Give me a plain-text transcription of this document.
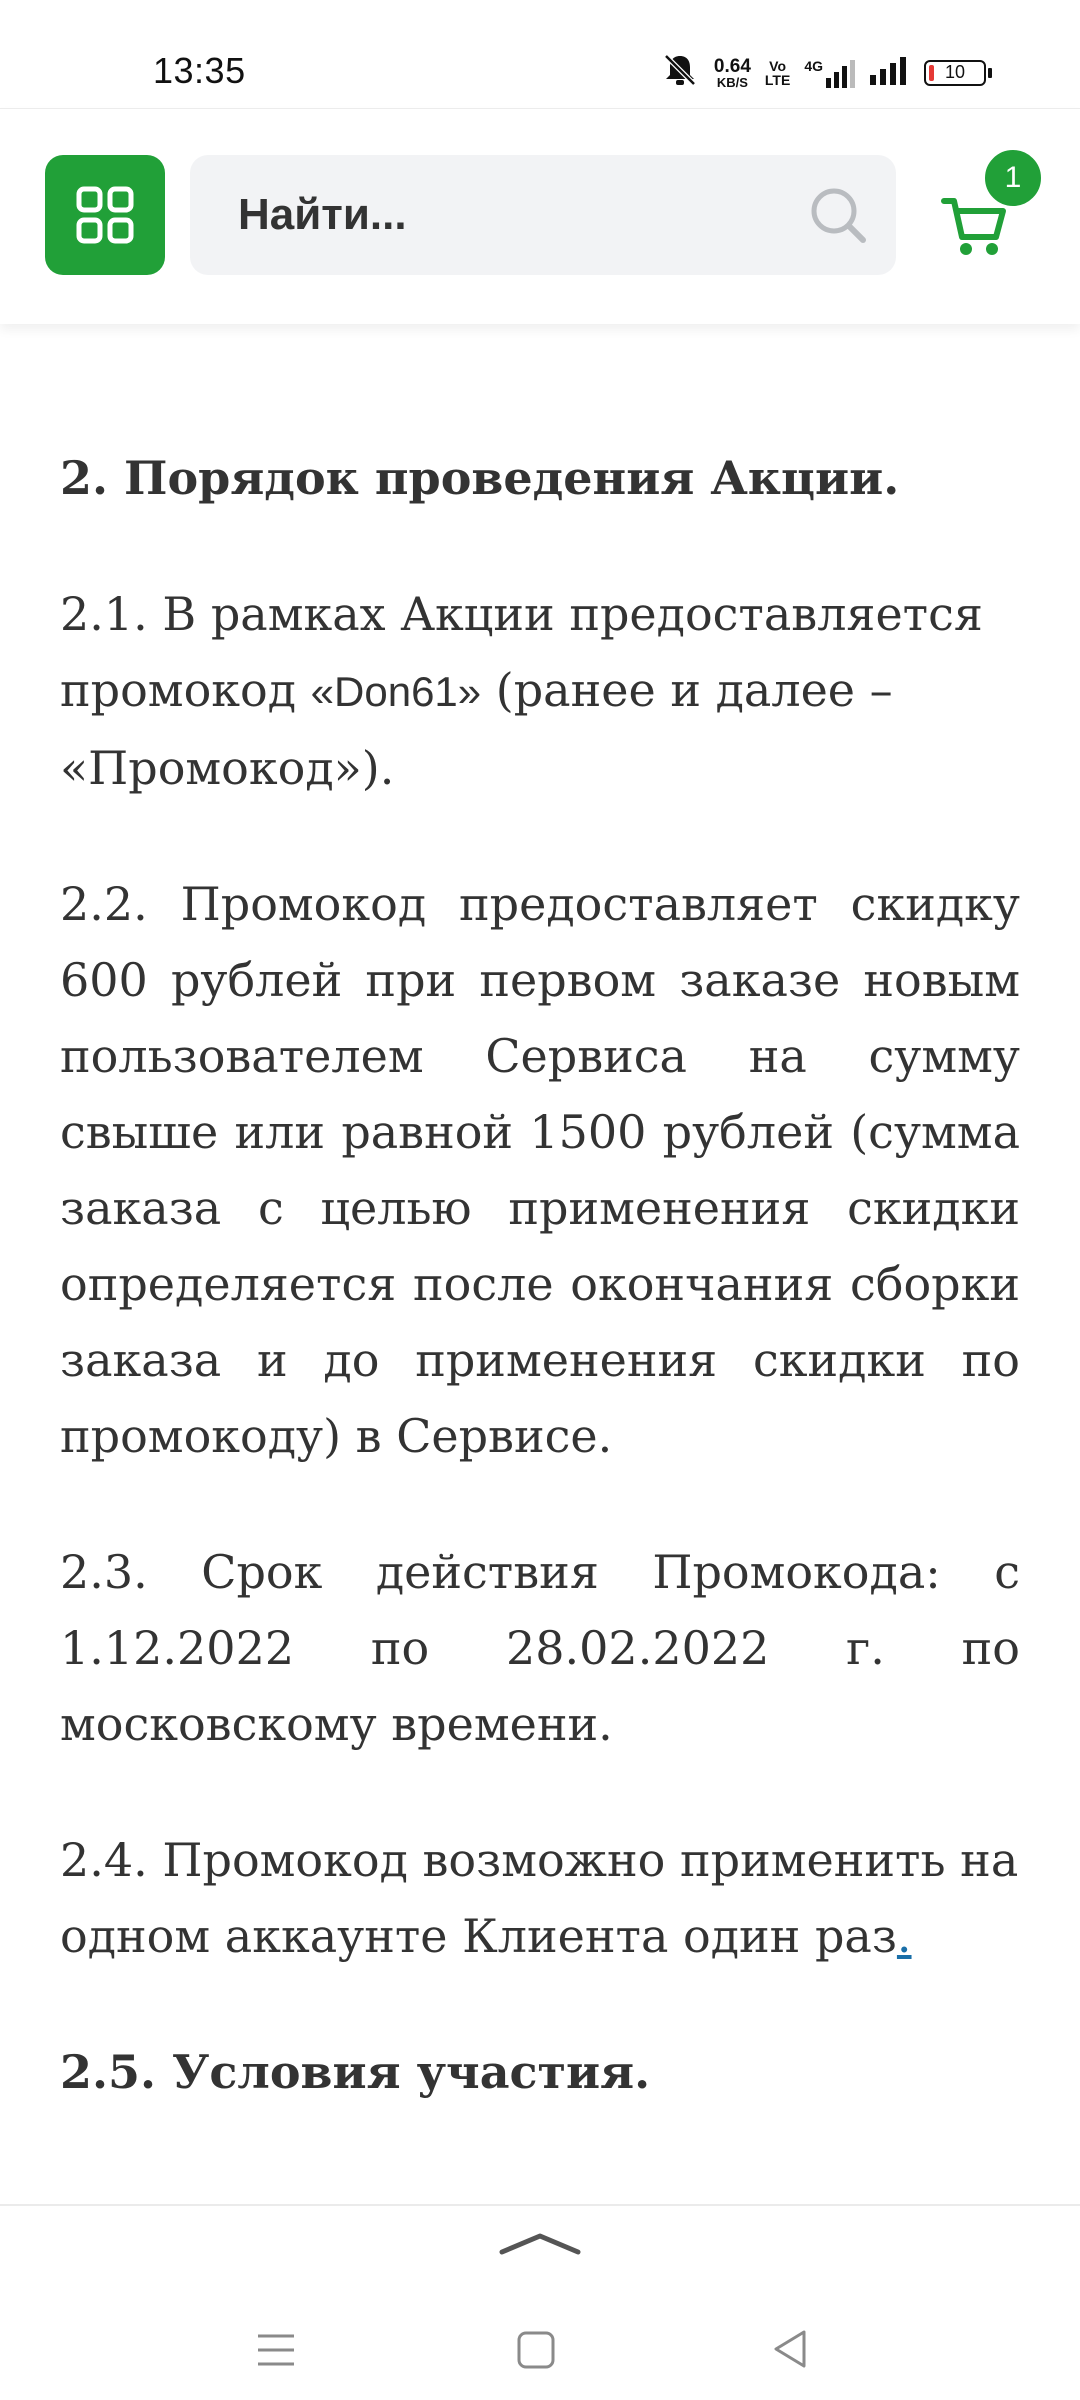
13:35	0.64
KB/S
Vo
LTE
4G	10
Найти...
1

2. Порядок проведения Акции.

2.1. В рамках Акции предоставляется промокод «Don61» (ранее и далее – «Промокод»).

2.2. Промокод предоставляет скидку 600 рублей при первом заказе новым пользователем Сервиса на сумму свыше или равной 1500 рублей (сумма заказа с целью применения скидки определяется после окончания сборки заказа и до применения скидки по промокоду) в Сервисе.

2.3. Срок действия Промокода: с 1.12.2022 по 28.02.2022 г. по московскому времени.

2.4. Промокод возможно применить на одном аккаунте Клиента один раз.

2.5. Условия участия.
